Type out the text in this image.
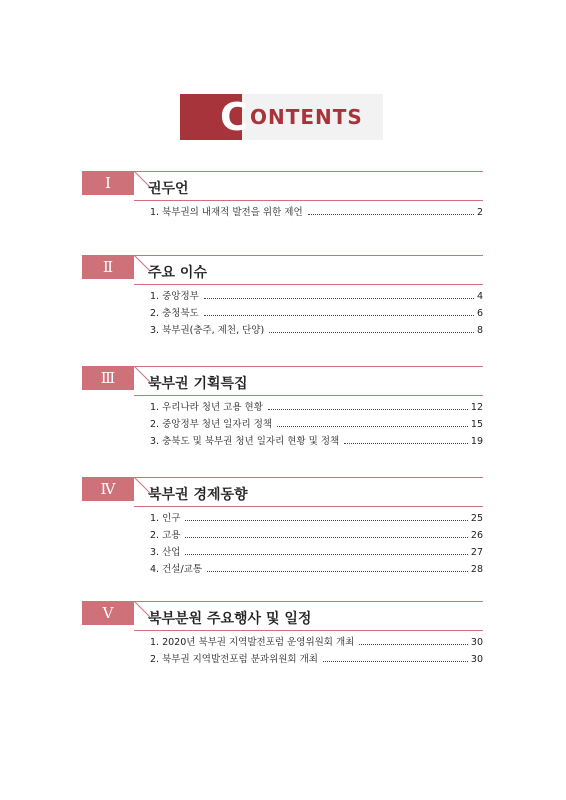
C ONTENTS
Ⅰ	권두언
1. 북부권의 내재적 발전을 위한 제언	2
Ⅱ	주요 이슈
1. 중앙정부	4
2. 충청북도	6
3. 북부권(충주, 제천, 단양)	8
Ⅲ	북부권 기획특집
1. 우리나라 청년 고용 현황	12
2. 중앙정부 청년 일자리 정책	15
3. 충북도 및 북부권 청년 일자리 현황 및 정책	19
Ⅳ	북부권 경제동향
1. 인구	25
2. 고용	26
3. 산업	27
4. 건설/교통	28
Ⅴ	북부분원 주요행사 및 일정
1. 2020년 북부권 지역발전포럼 운영위원회 개최	30
2. 북부권 지역발전포럼 분과위원회 개최	30
